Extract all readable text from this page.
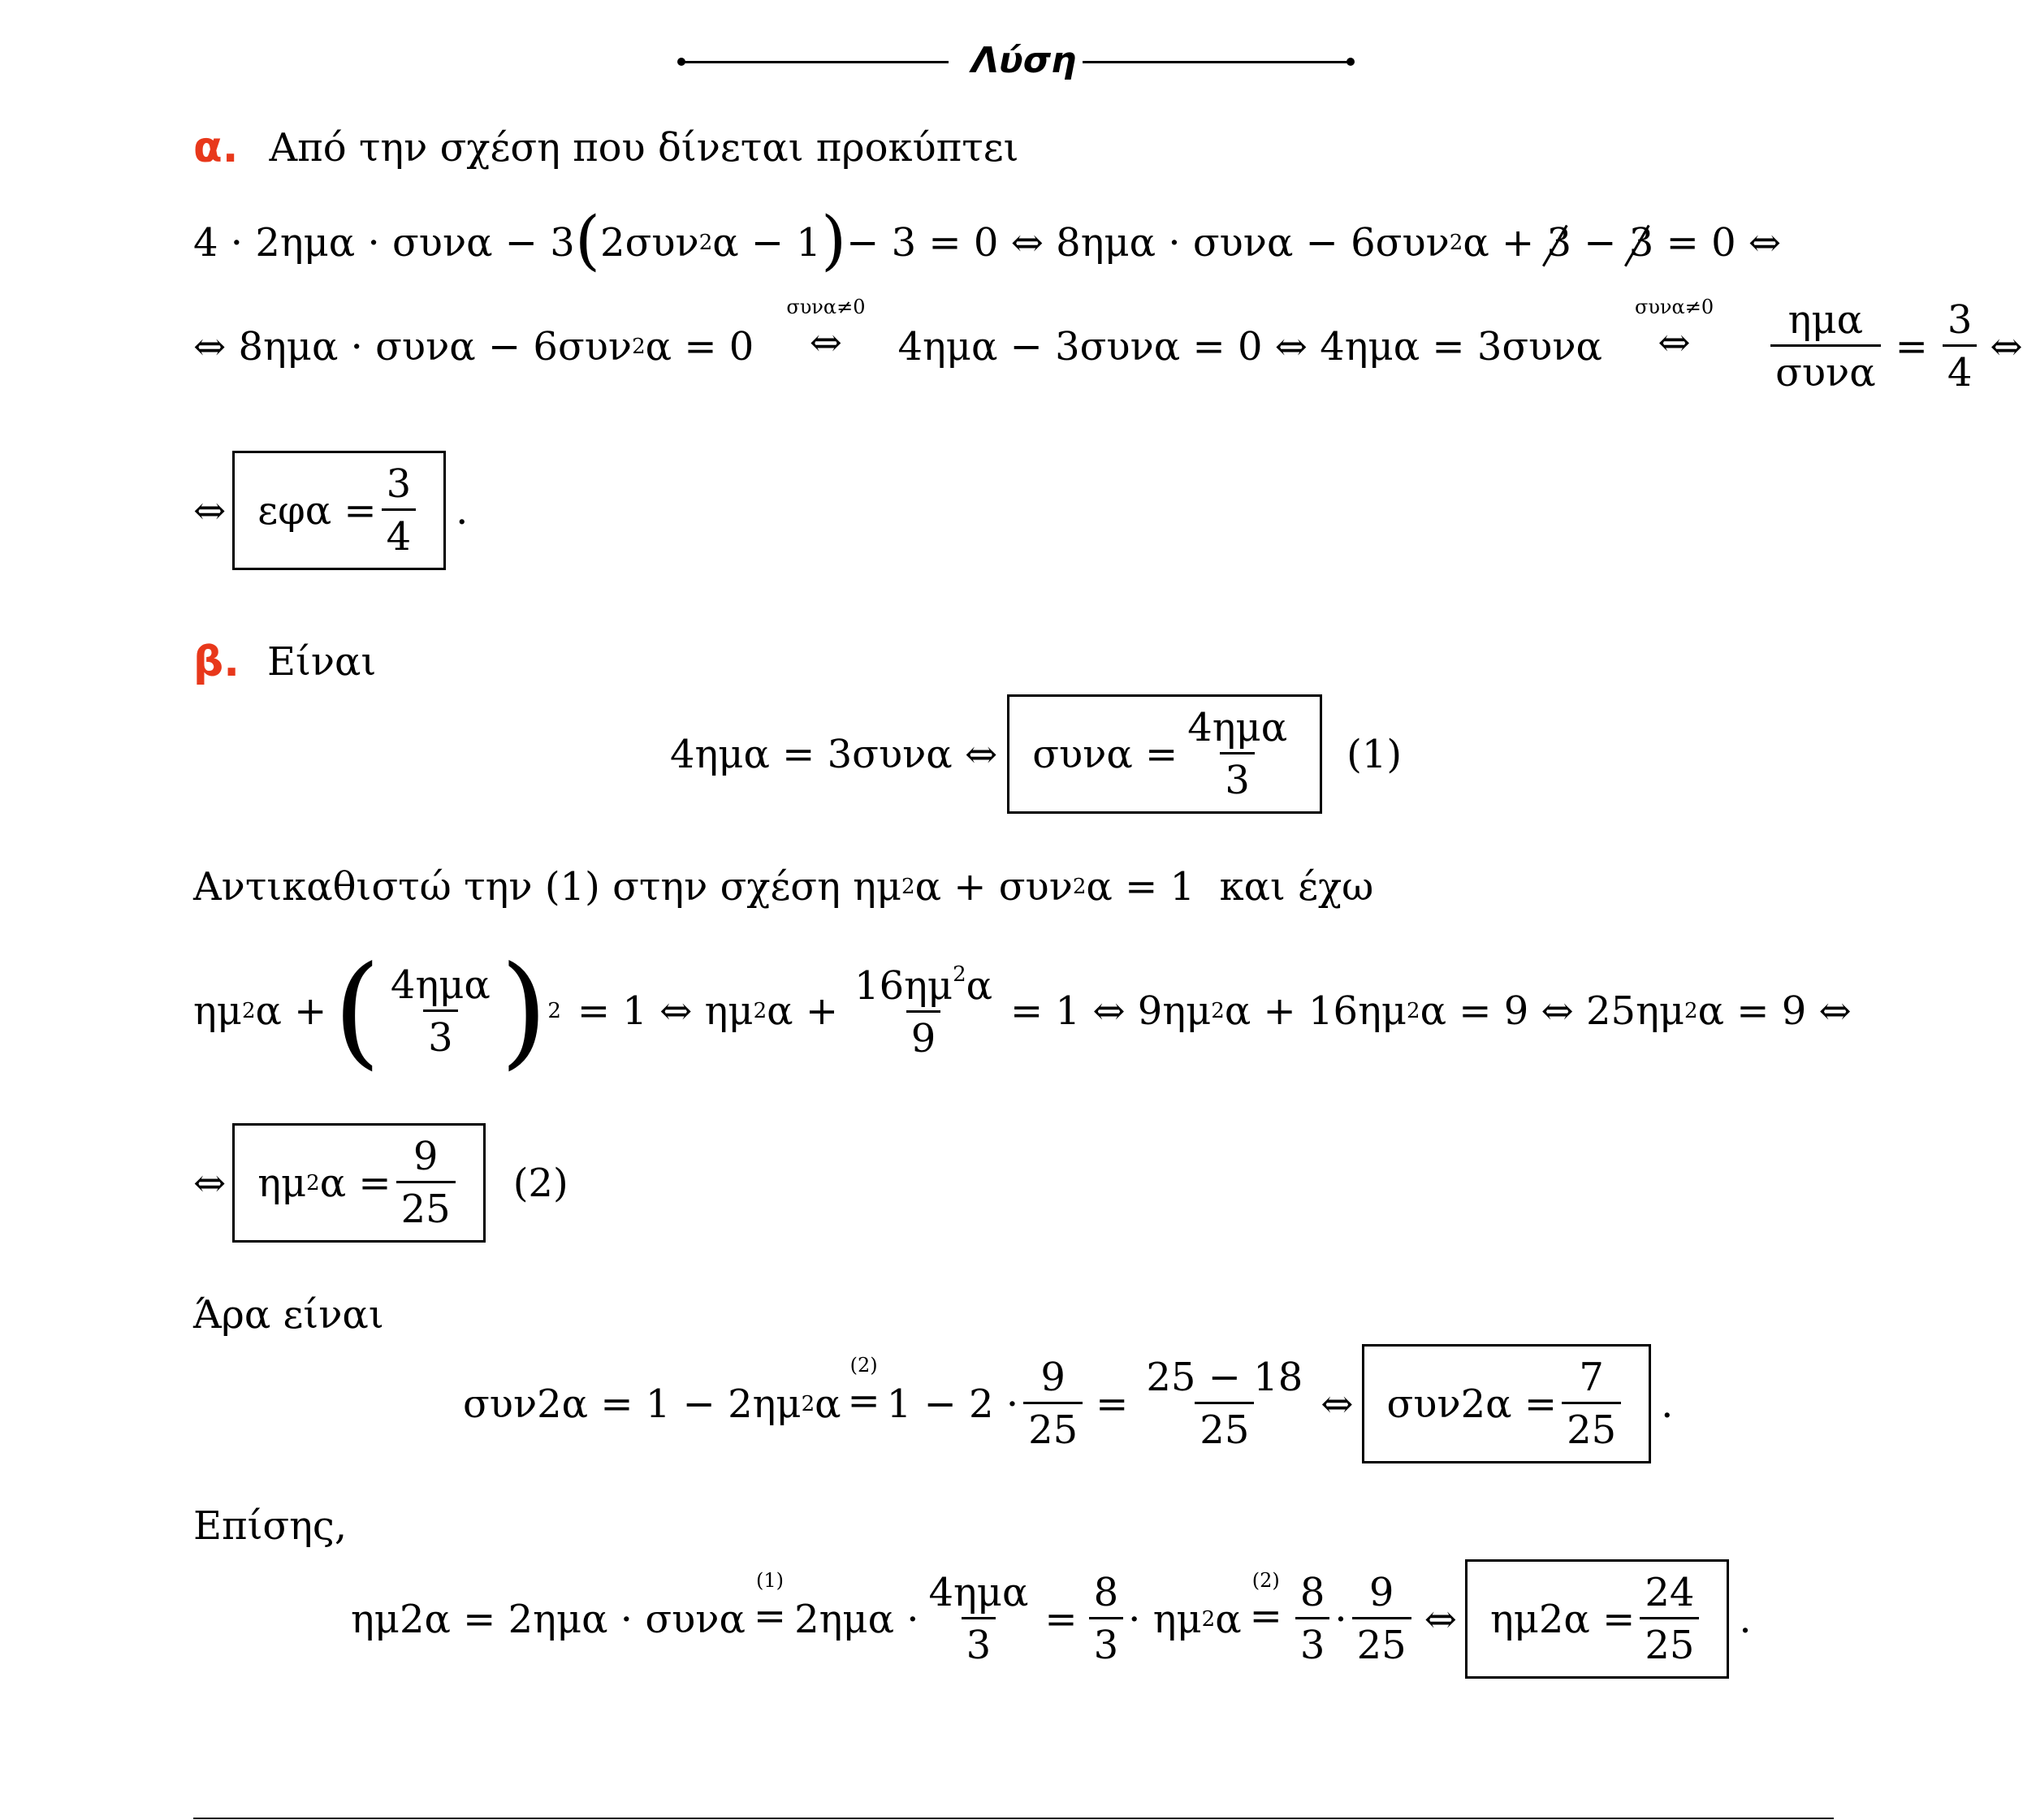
Λύση
α. Από την σχέση που δίνεται προκύπτει
4 · 2ημα · συνα − 3 ( 2συν 2 α − 1 ) − 3 = 0 ⇔ 8ημα · συνα − 6συν 2 α + 3 − 3 = 0 ⇔
⇔ 8ημα · συνα − 6συν 2 α = 0
συνα≠0
⇔ 4ημα − 3συνα = 0 ⇔ 4ημα = 3συνα
συνα≠0
⇔ $\frac{\text{ημα}}{\text{συνα}} = \frac{3}{4}$ ⇔
⇔ $\varepsilon\varphi\alpha = \frac{3}{4}$ .
β. Είναι
4ημα = 3συνα ⇔ $\sigma\upsilon\nu\alpha = \frac{\text{4ημα}}{3} (1)$
Αντικαθιστώ την (1) στην σχέση ημ 2 α + συν 2 α = 1  και έχω
ημ 2 α + ( $\frac{\text{4ημα}}{3}$ ) 2 = 1 ⇔ ημ 2 $\alpha + \frac{16\eta\mu^2\alpha}{9} = 1$ ⇔ 9ημ 2 α + 16ημ 2 α = 9 ⇔ 25ημ 2 α = 9 ⇔
⇔ ημ 2 $\alpha = \frac{9}{25} (2)$
Άρα είναι
συν2α = 1 − 2ημ 2 α
(2)
= $1 - 2 \cdot \frac{9}{25} = \frac{25 - 18}{25}$ ⇔ $\sigma\upsilon\nu 2\alpha = \frac{7}{25}$ .
Επίσης,
ημ2α = 2ημα · συνα
(1)
= $2\eta\mu\alpha \cdot \frac{\text{4ημα}}{3} = \frac{8}{3} \cdot \eta\mu$ 2 α
(2)
= $\frac{8}{3} \cdot \frac{9}{25}$ ⇔ $\eta\mu 2\alpha = \frac{24}{25}$ .
